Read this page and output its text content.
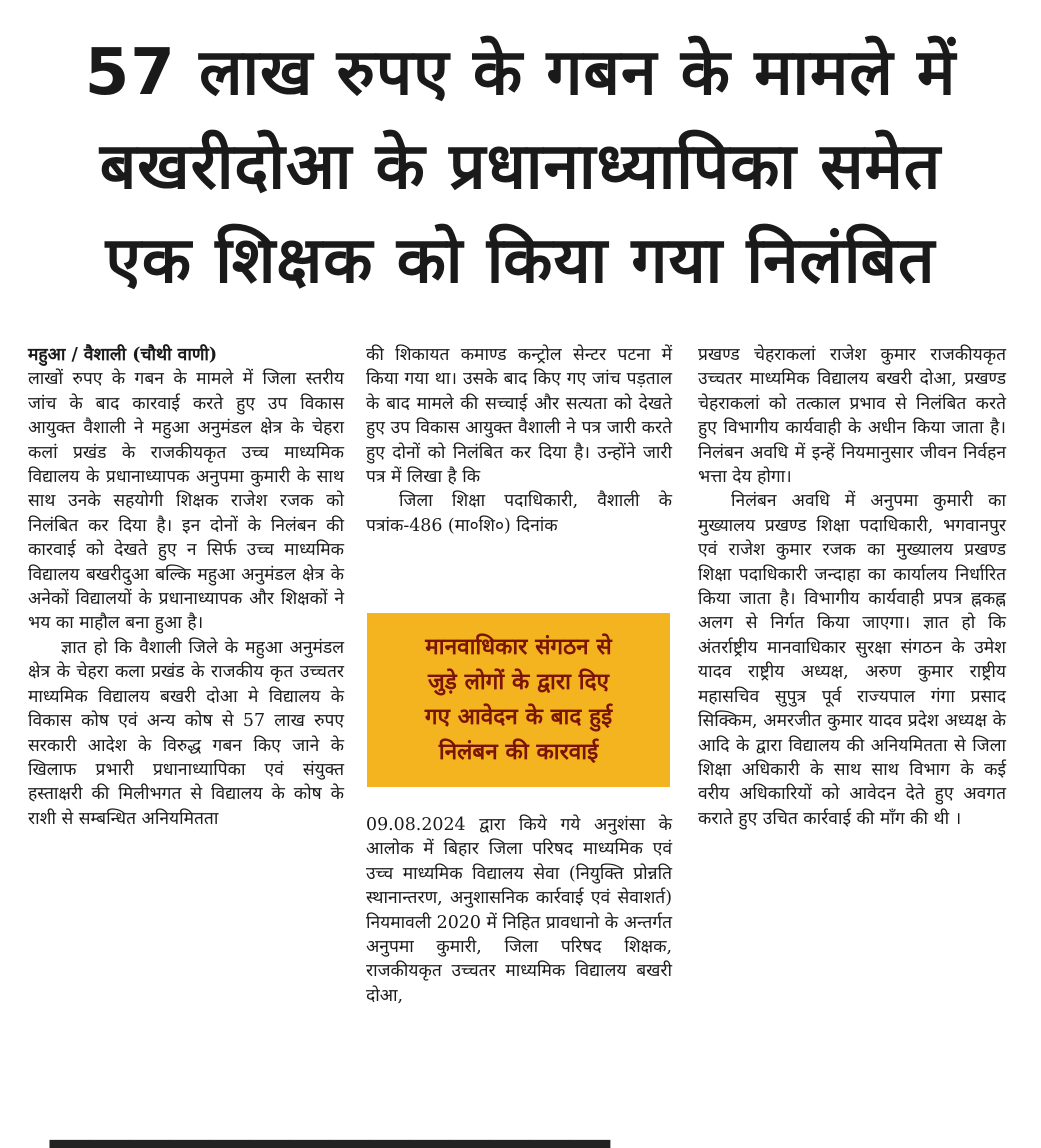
57 लाख रुपए के गबन के मामले में
बखरीदोआ के प्रधानाध्यापिका समेत
एक शिक्षक को किया गया निलंबित

महुआ / वैशाली (चौथी वाणी)

लाखों रुपए के गबन के मामले में जिला स्तरीय जांच के बाद कारवाई करते हुए उप विकास आयुक्त वैशाली ने महुआ अनुमंडल क्षेत्र के चेहरा कलां प्रखंड के राजकीयकृत उच्च माध्यमिक विद्यालय के प्रधानाध्यापक अनुपमा कुमारी के साथ साथ उनके सहयोगी शिक्षक राजेश रजक को निलंबित कर दिया है। इन दोनों के निलंबन की कारवाई को देखते हुए न सिर्फ उच्च माध्यमिक विद्यालय बखरीदुआ बल्कि महुआ अनुमंडल क्षेत्र के अनेकों विद्यालयों के प्रधानाध्यापक और शिक्षकों ने भय का माहौल बना हुआ है।

ज्ञात हो कि वैशाली जिले के महुआ अनुमंडल क्षेत्र के चेहरा कला प्रखंड के राजकीय कृत उच्चतर माध्यमिक विद्यालय बखरी दोआ मे विद्यालय के विकास कोष एवं अन्य कोष से 57 लाख रुपए सरकारी आदेश के विरुद्ध गबन किए जाने के खिलाफ प्रभारी प्रधानाध्यापिका एवं संयुक्त हस्ताक्षरी की मिलीभगत से विद्यालय के कोष के राशी से सम्बन्धित अनियमितता

की शिकायत कमाण्ड कन्ट्रोल सेन्टर पटना में किया गया था। उसके बाद किए गए जांच पड़ताल के बाद मामले की सच्चाई और सत्यता को देखते हुए उप विकास आयुक्त वैशाली ने पत्र जारी करते हुए दोनों को निलंबित कर दिया है। उन्होंने जारी पत्र में लिखा है कि

जिला शिक्षा पदाधिकारी, वैशाली के पत्रांक-486 (मा०शि०) दिनांक

मानवाधिकार संगठन से
जुड़े लोगों के द्वारा दिए
गए आवेदन के बाद हुई
निलंबन की कारवाई

09.08.2024 द्वारा किये गये अनुशंसा के आलोक में बिहार जिला परिषद माध्यमिक एवं उच्च माध्यमिक विद्यालय सेवा (नियुक्ति प्रोन्नति स्थानान्तरण, अनुशासनिक कार्रवाई एवं सेवाशर्त) नियमावली 2020 में निहित प्रावधानो के अन्तर्गत अनुपमा कुमारी, जिला परिषद शिक्षक, राजकीयकृत उच्चतर माध्यमिक विद्यालय बखरी दोआ,

प्रखण्ड चेहराकलां राजेश कुमार राजकीयकृत उच्चतर माध्यमिक विद्यालय बखरी दोआ, प्रखण्ड चेहराकलां को तत्काल प्रभाव से निलंबित करते हुए विभागीय कार्यवाही के अधीन किया जाता है।निलंबन अवधि में इन्हें नियमानुसार जीवन निर्वहन भत्ता देय होगा।

निलंबन अवधि में अनुपमा कुमारी का मुख्यालय प्रखण्ड शिक्षा पदाधिकारी, भगवानपुर एवं राजेश कुमार रजक का मुख्यालय प्रखण्ड शिक्षा पदाधिकारी जन्दाहा का कार्यालय निर्धारित किया जाता है। विभागीय कार्यवाही प्रपत्र ह्नकह्न अलग से निर्गत किया जाएगा। ज्ञात हो कि अंतर्राष्ट्रीय मानवाधिकार सुरक्षा संगठन के उमेश यादव राष्ट्रीय अध्यक्ष, अरुण कुमार राष्ट्रीय महासचिव सुपुत्र पूर्व राज्यपाल गंगा प्रसाद सिक्किम, अमरजीत कुमार यादव प्रदेश अध्यक्ष के आदि के द्वारा विद्यालय की अनियमितता से जिला शिक्षा अधिकारी के साथ साथ विभाग के कई वरीय अधिकारियों को आवेदन देते हुए अवगत कराते हुए उचित कार्रवाई की माँग की थी ।

▁▁▁▁▁▁▁▁▁▁▁▁▁▁
